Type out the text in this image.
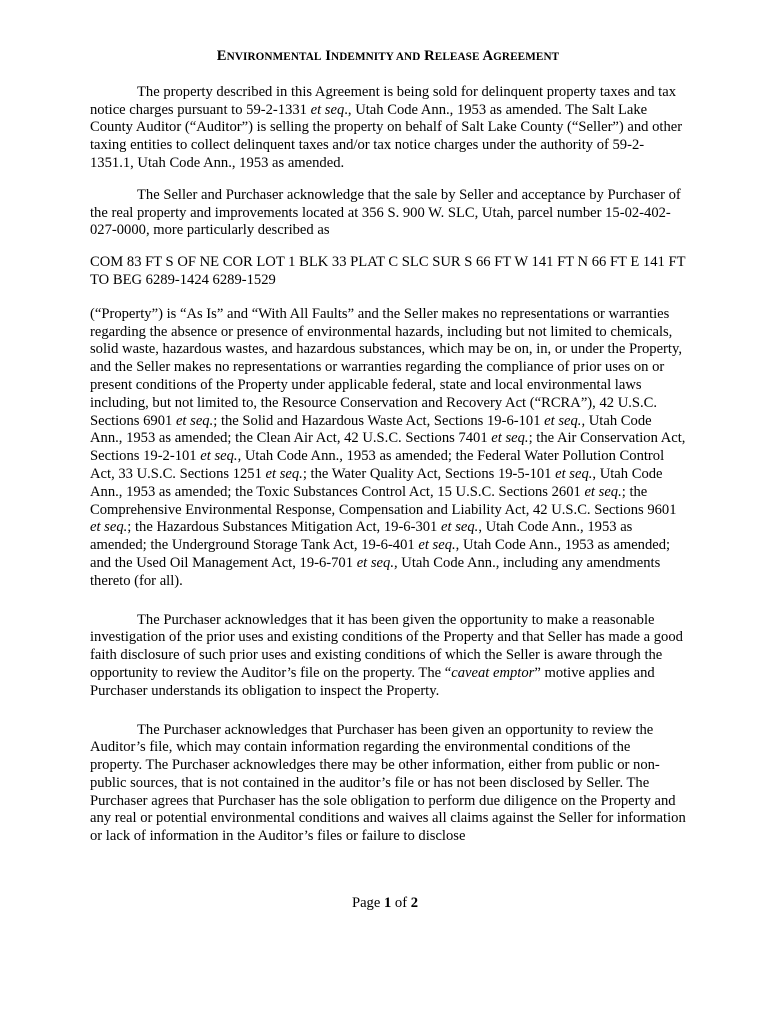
ENVIRONMENTAL INDEMNITY AND RELEASE AGREEMENT

The property described in this Agreement is being sold for delinquent property taxes and tax notice charges pursuant to 59-2-1331 et seq., Utah Code Ann., 1953 as amended. The Salt Lake County Auditor (“Auditor”) is selling the property on behalf of Salt Lake County (“Seller”) and other taxing entities to collect delinquent taxes and/or tax notice charges under the authority of 59-2-1351.1, Utah Code Ann., 1953 as amended.

The Seller and Purchaser acknowledge that the sale by Seller and acceptance by Purchaser of the real property and improvements located at 356 S. 900 W. SLC, Utah, parcel number 15-02-402-027-0000, more particularly described as

COM 83 FT S OF NE COR LOT 1 BLK 33 PLAT C SLC SUR S 66 FT W 141 FT N 66 FT E 141 FT TO BEG 6289-1424 6289-1529

(“Property”) is “As Is” and “With All Faults” and the Seller makes no representations or warranties regarding the absence or presence of environmental hazards, including but not limited to chemicals, solid waste, hazardous wastes, and hazardous substances, which may be on, in, or under the Property, and the Seller makes no representations or warranties regarding the compliance of prior uses on or present conditions of the Property under applicable federal, state and local environmental laws including, but not limited to, the Resource Conservation and Recovery Act (“RCRA”), 42 U.S.C. Sections 6901 et seq.; the Solid and Hazardous Waste Act, Sections 19-6-101 et seq., Utah Code Ann., 1953 as amended; the Clean Air Act, 42 U.S.C. Sections 7401 et seq.; the Air Conservation Act, Sections 19-2-101 et seq., Utah Code Ann., 1953 as amended; the Federal Water Pollution Control Act, 33 U.S.C. Sections 1251 et seq.; the Water Quality Act, Sections 19-5-101 et seq., Utah Code Ann., 1953 as amended; the Toxic Substances Control Act, 15 U.S.C. Sections 2601 et seq.; the Comprehensive Environmental Response, Compensation and Liability Act, 42 U.S.C. Sections 9601 et seq.; the Hazardous Substances Mitigation Act, 19-6-301 et seq., Utah Code Ann., 1953 as amended; the Underground Storage Tank Act, 19-6-401 et seq., Utah Code Ann., 1953 as amended; and the Used Oil Management Act, 19-6-701 et seq., Utah Code Ann., including any amendments thereto (for all).

The Purchaser acknowledges that it has been given the opportunity to make a reasonable investigation of the prior uses and existing conditions of the Property and that Seller has made a good faith disclosure of such prior uses and existing conditions of which the Seller is aware through the opportunity to review the Auditor’s file on the property. The “caveat emptor” motive applies and Purchaser understands its obligation to inspect the Property.

The Purchaser acknowledges that Purchaser has been given an opportunity to review the Auditor’s file, which may contain information regarding the environmental conditions of the property. The Purchaser acknowledges there may be other information, either from public or non-public sources, that is not contained in the auditor’s file or has not been disclosed by Seller. The Purchaser agrees that Purchaser has the sole obligation to perform due diligence on the Property and any real or potential environmental conditions and waives all claims against the Seller for information or lack of information in the Auditor’s files or failure to disclose

Page 1 of 2
